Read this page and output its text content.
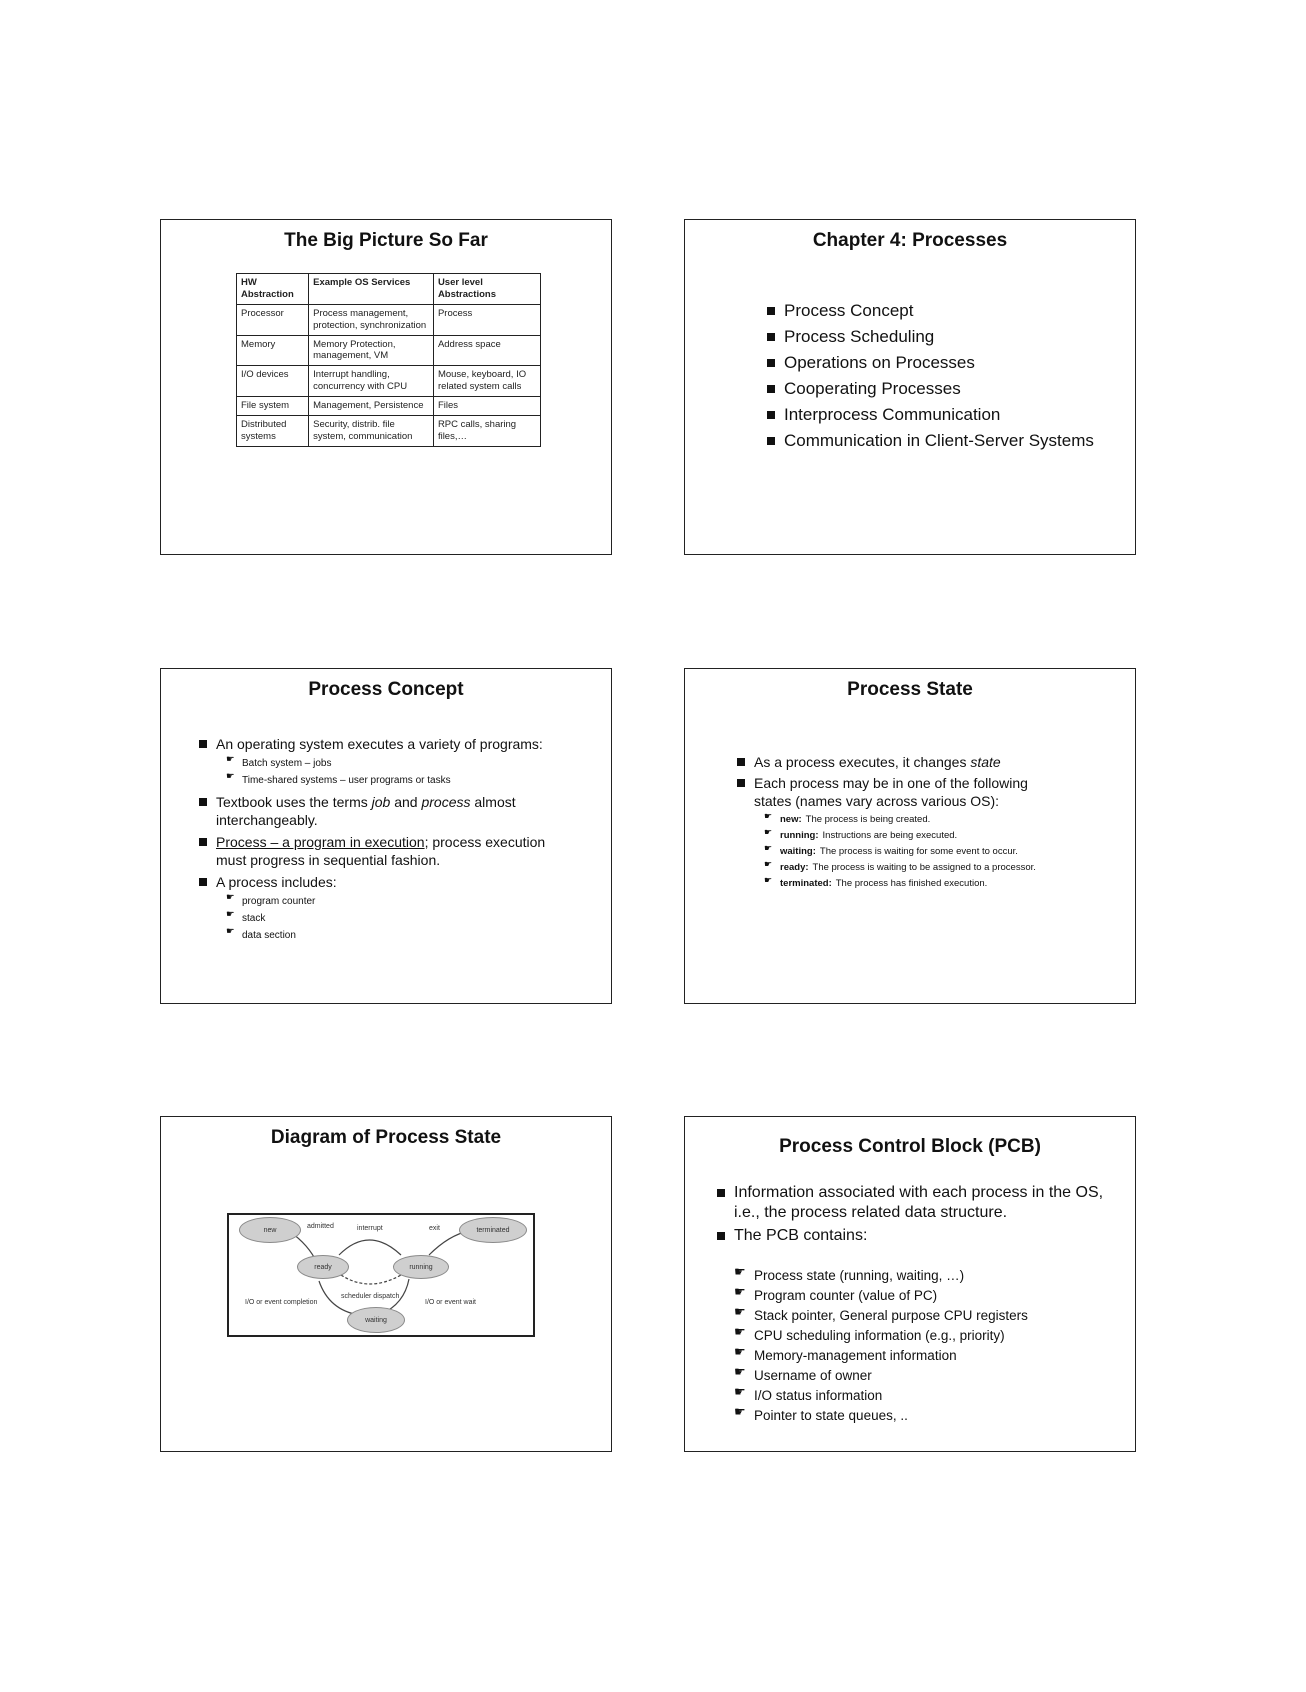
The Big Picture So Far
HW Abstraction	Example OS Services	User level Abstractions
Processor	Process management, protection, synchronization	Process
Memory	Memory Protection, management, VM	Address space
I/O devices	Interrupt handling, concurrency with CPU	Mouse, keyboard, IO related system calls
File system	Management, Persistence	Files
Distributed systems	Security, distrib. file system, communication	RPC calls, sharing files,…
Chapter 4: Processes
Process Concept
Process Scheduling
Operations on Processes
Cooperating Processes
Interprocess Communication
Communication in Client-Server Systems
Process Concept
An operating system executes a variety of programs:
☛ Batch system – jobs
☛ Time-shared systems – user programs or tasks
Textbook uses the terms job and process almost interchangeably.
Process – a program in execution; process execution must progress in sequential fashion.
A process includes:
☛ program counter
☛ stack
☛ data section
Process State
As a process executes, it changes state
Each process may be in one of the following states (names vary across various OS):
☛ new: The process is being created.
☛ running: Instructions are being executed.
☛ waiting: The process is waiting for some event to occur.
☛ ready: The process is waiting to be assigned to a processor.
☛ terminated: The process has finished execution.
Diagram of Process State
new	terminated
ready	running
waiting
admitted	interrupt	exit
scheduler dispatch
I/O or event completion	I/O or event wait
Process Control Block (PCB)
Information associated with each process in the OS, i.e., the process related data structure.
The PCB contains:
☛ Process state (running, waiting, …)
☛ Program counter (value of PC)
☛ Stack pointer, General purpose CPU registers
☛ CPU scheduling information (e.g., priority)
☛ Memory-management information
☛ Username of owner
☛ I/O status information
☛ Pointer to state queues, ..
